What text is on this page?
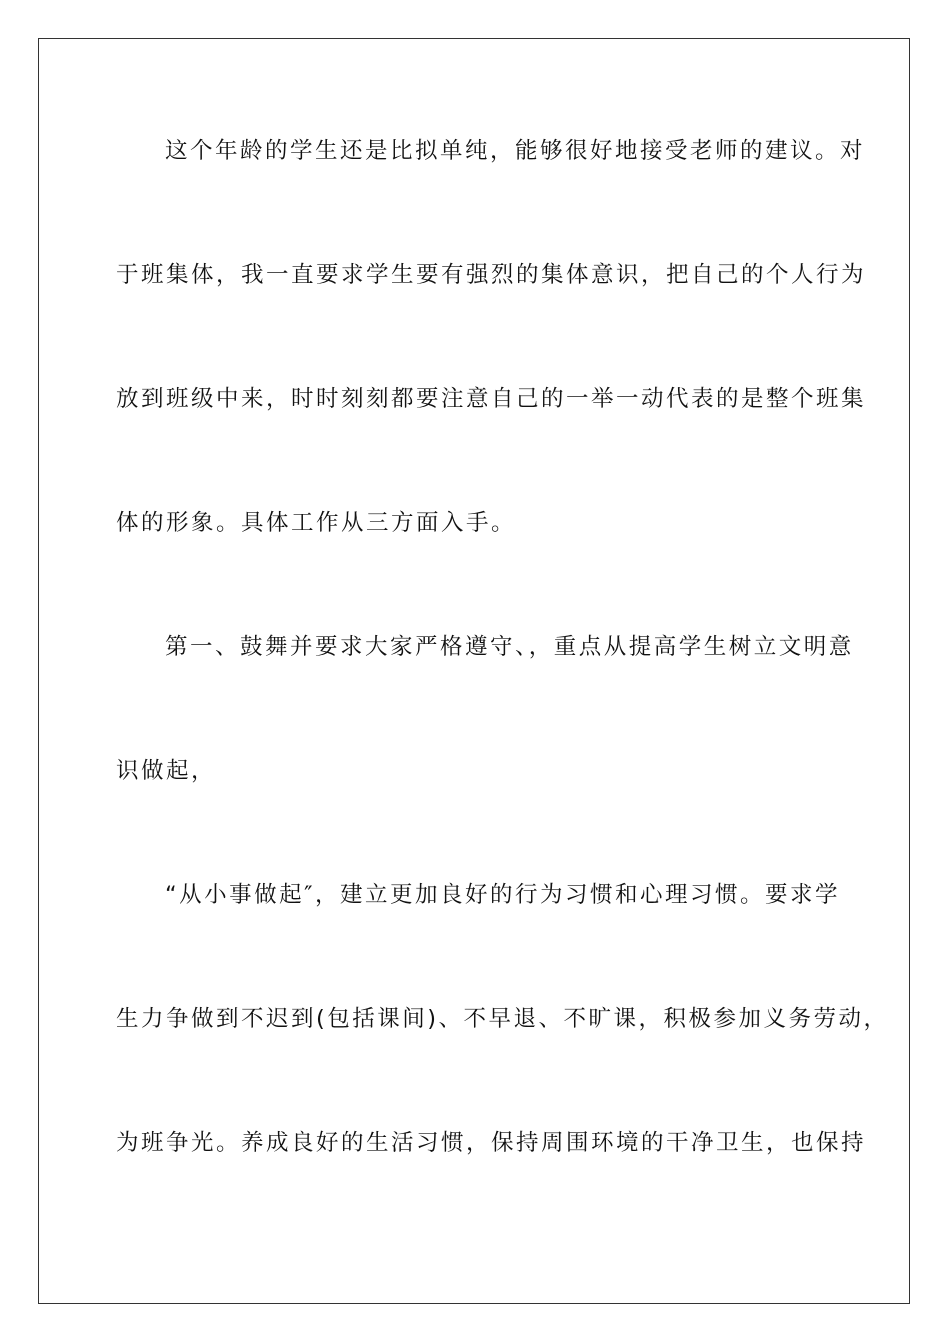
这个年龄的学生还是比拟单纯，能够很好地接受老师的建议。对

于班集体，我一直要求学生要有强烈的集体意识，把自己的个人行为

放到班级中来，时时刻刻都要注意自己的一举一动代表的是整个班集

体的形象。具体工作从三方面入手。

第一、鼓舞并要求大家严格遵守、，重点从提高学生树立文明意

识做起，

“从小事做起″，建立更加良好的行为习惯和心理习惯。要求学

生力争做到不迟到(包括课间)、不早退、不旷课，积极参加义务劳动，

为班争光。养成良好的生活习惯，保持周围环境的干净卫生，也保持
